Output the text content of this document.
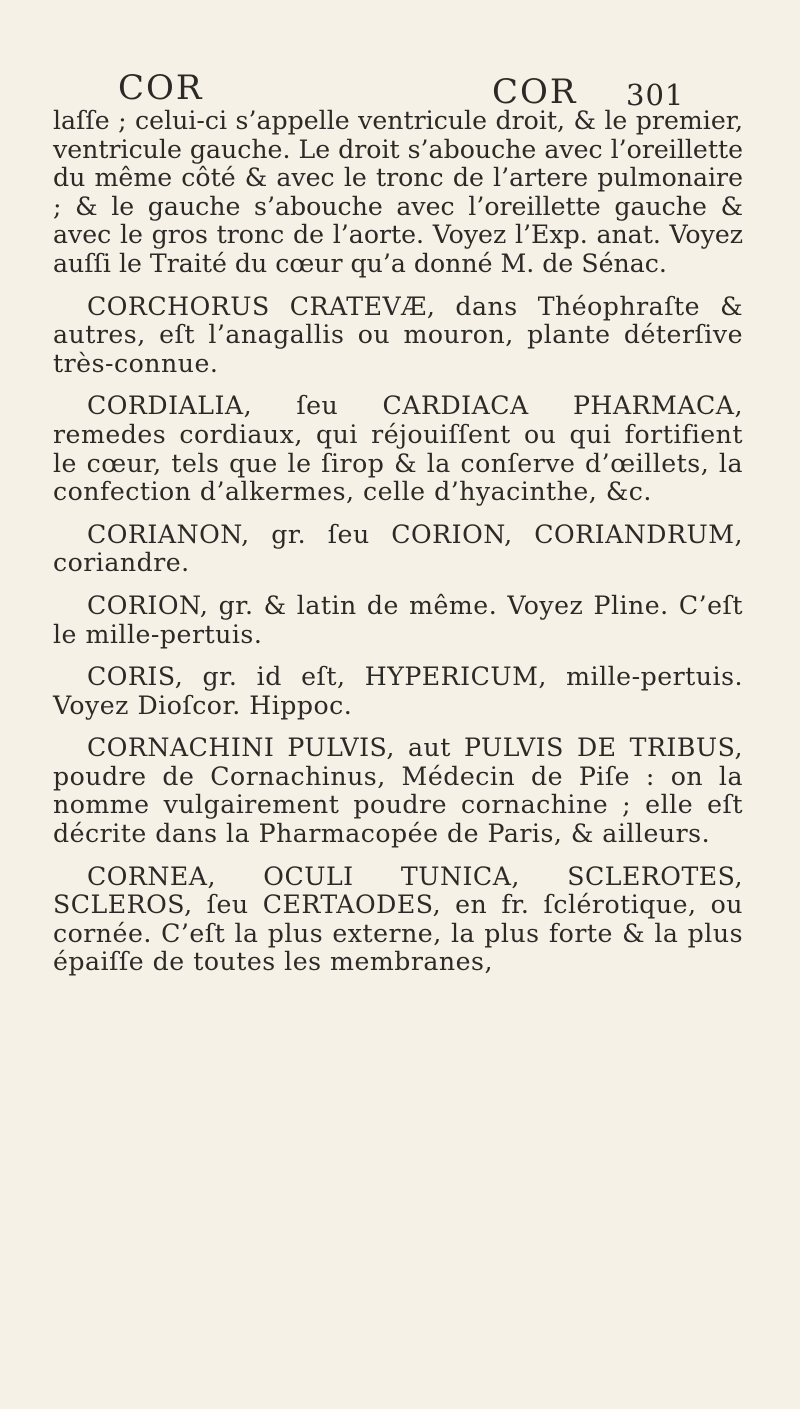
COR	COR 301

laſſe ; celui-ci s’appelle ventricule droit, & le premier, ventricule gauche. Le droit s’abouche avec l’oreillette du même côté & avec le tronc de l’artere pulmonaire ; & le gauche s’abouche avec l’oreillette gauche & avec le gros tronc de l’aorte. Voyez l’Exp. anat. Voyez auſſi le Traité du cœur qu’a donné M. de Sénac.

CORCHORUS CRATEVÆ, dans Théophraſte & autres, eſt l’anagallis ou mouron, plante déterſive très-connue.

CORDIALIA, ſeu CARDIACA PHARMACA, remedes cordiaux, qui réjouiſſent ou qui fortifient le cœur, tels que le ſirop & la conſerve d’œillets, la confection d’alkermes, celle d’hyacinthe, &c.

CORIANON, gr. ſeu CORION, CORIANDRUM, coriandre.

CORION, gr. & latin de même. Voyez Pline. C’eſt le mille-pertuis.

CORIS, gr. id eſt, HYPERICUM, mille-pertuis. Voyez Dioſcor. Hippoc.

CORNACHINI PULVIS, aut PULVIS DE TRIBUS, poudre de Cornachinus, Médecin de Piſe : on la nomme vulgairement poudre cornachine ; elle eſt décrite dans la Pharmacopée de Paris, & ailleurs.

CORNEA, OCULI TUNICA, SCLEROTES, SCLEROS, ſeu CERTAODES, en fr. ſclérotique, ou cornée. C’eſt la plus externe, la plus forte & la plus épaiſſe de toutes les membranes,
